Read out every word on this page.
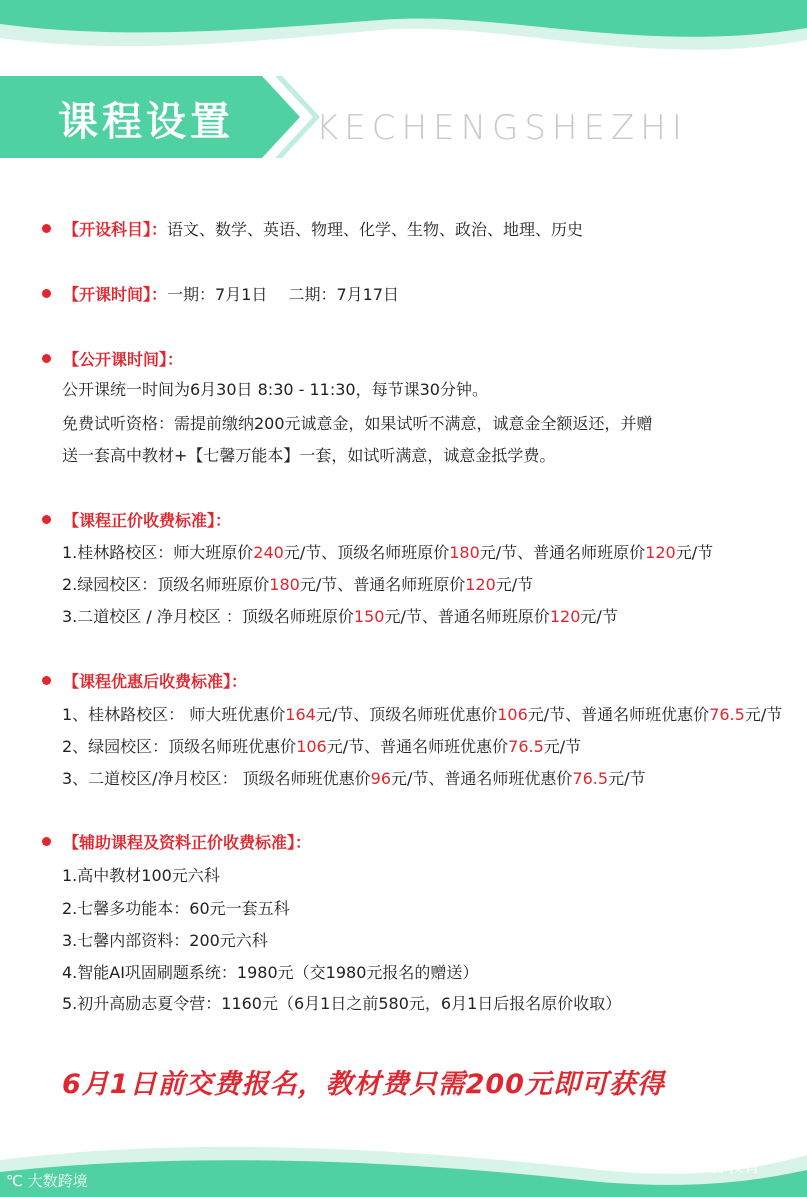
课程设置 KECHENGSHEZHI
【开设科目】：语文、数学、英语、物理、化学、生物、政治、地理、历史
【开课时间】：一期：7月1日　 二期：7月17日
【公开课时间】：
公开课统一时间为6月30日 8:30 - 11:30，每节课30分钟。
免费试听资格：需提前缴纳200元诚意金，如果试听不满意，诚意金全额返还，并赠
送一套高中教材+【七馨万能本】一套，如试听满意，诚意金抵学费。
【课程正价收费标准】：
1.桂林路校区：师大班原价240元/节、顶级名师班原价180元/节、普通名师班原价120元/节
2.绿园校区：顶级名师班原价180元/节、普通名师班原价120元/节
3.二道校区 / 净月校区 ：顶级名师班原价150元/节、普通名师班原价120元/节
【课程优惠后收费标准】：
1、桂林路校区： 师大班优惠价164元/节、顶级名师班优惠价106元/节、普通名师班优惠价76.5元/节
2、绿园校区：顶级名师班优惠价106元/节、普通名师班优惠价76.5元/节
3、二道校区/净月校区： 顶级名师班优惠价96元/节、普通名师班优惠价76.5元/节
【辅助课程及资料正价收费标准】：
1.高中教材100元六科
2.七馨多功能本：60元一套五科
3.七馨内部资料：200元六科
4.智能AI巩固刷题系统：1980元（交1980元报名的赠送）
5.初升高励志夏令营：1160元（6月1日之前580元，6月1日后报名原价收取）
6月1日前交费报名，教材费只需200元即可获得
℃ 大数跨境
⚇ 七馨教育
